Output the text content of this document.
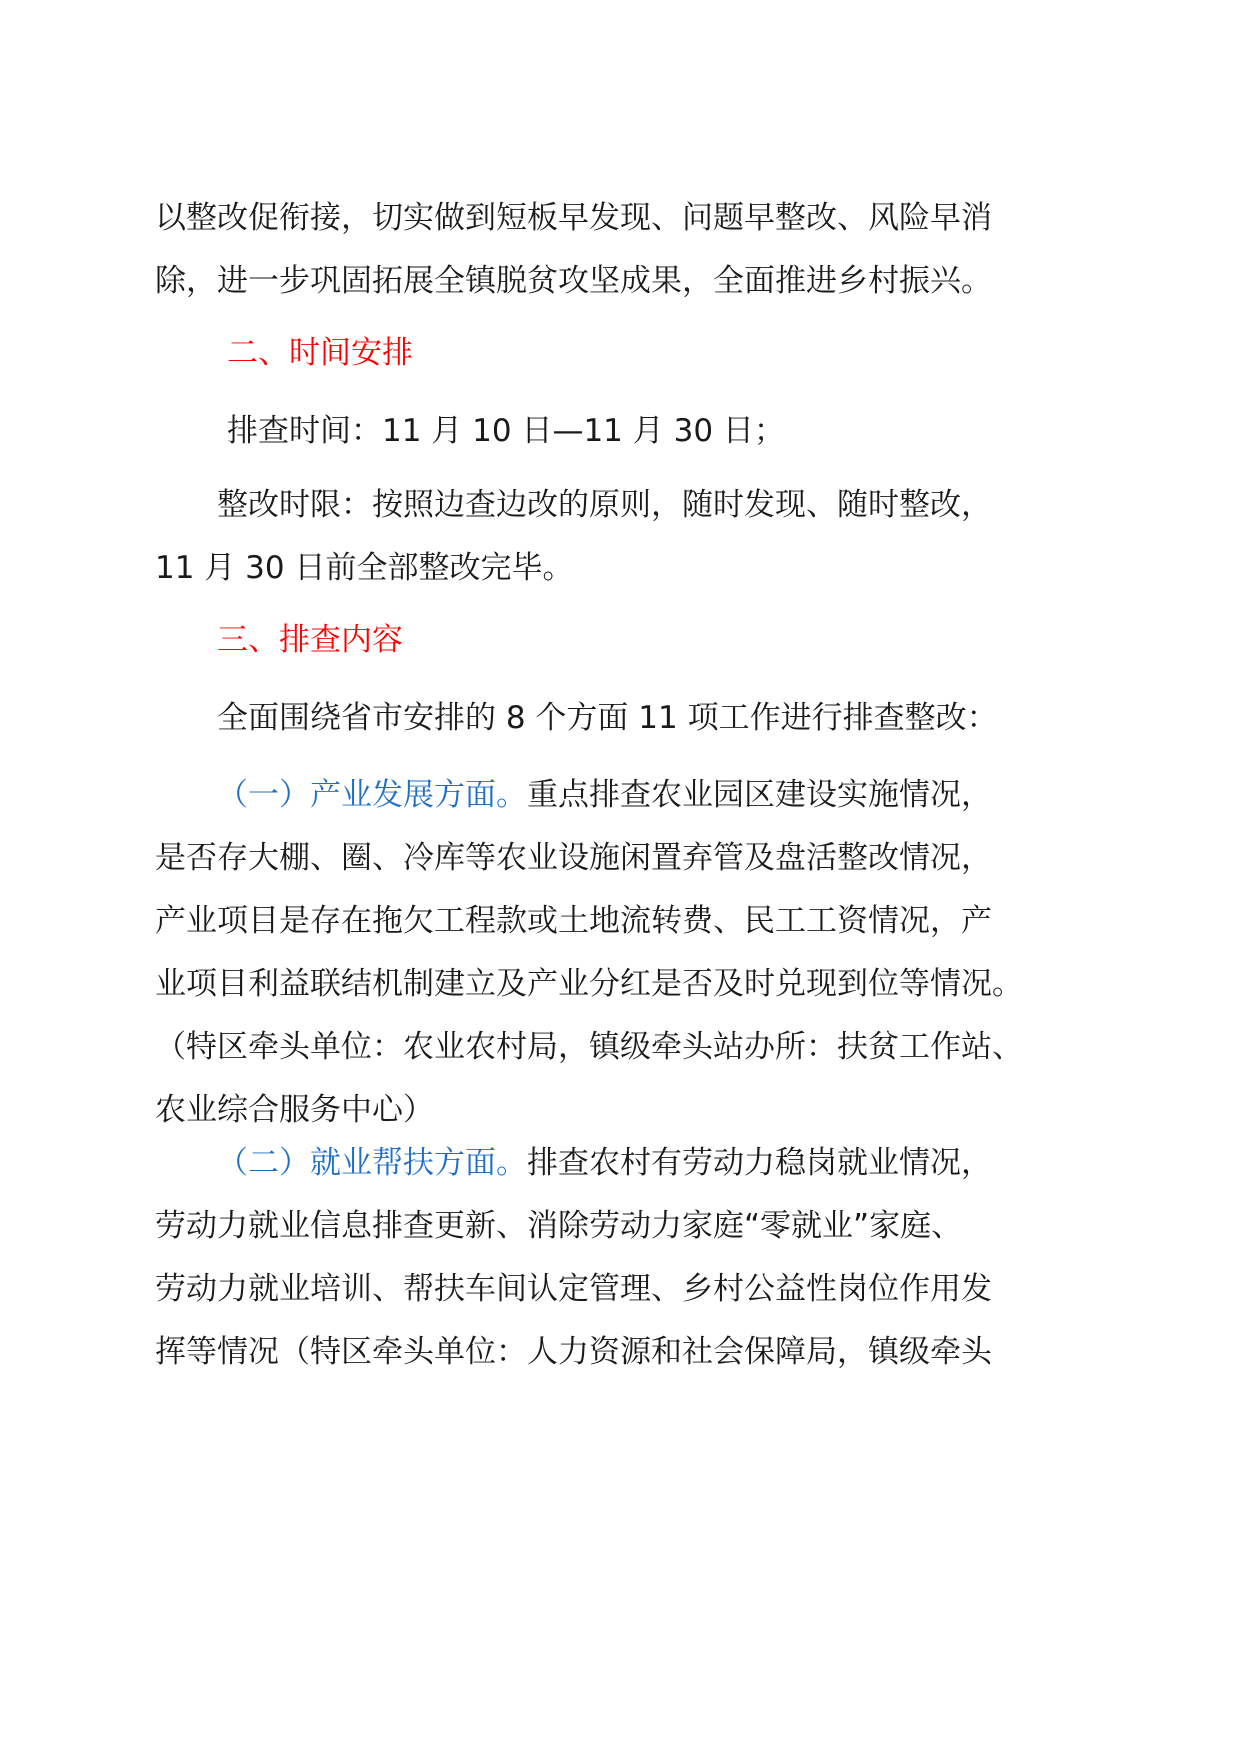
以整改促衔接，切实做到短板早发现、问题早整改、风险早消
除，进一步巩固拓展全镇脱贫攻坚成果，全面推进乡村振兴。
二、时间安排
排查时间：11 月 10 日—11 月 30 日；
整改时限：按照边查边改的原则，随时发现、随时整改，
11 月 30 日前全部整改完毕。
三、排查内容
全面围绕省市安排的 8 个方面 11 项工作进行排查整改：
（一）产业发展方面。重点排查农业园区建设实施情况，
是否存大棚、圈、冷库等农业设施闲置弃管及盘活整改情况，
产业项目是存在拖欠工程款或土地流转费、民工工资情况，产
业项目利益联结机制建立及产业分红是否及时兑现到位等情况。
（特区牵头单位：农业农村局，镇级牵头站办所：扶贫工作站、
农业综合服务中心）
（二）就业帮扶方面。排查农村有劳动力稳岗就业情况，
劳动力就业信息排查更新、消除劳动力家庭“零就业”家庭、
劳动力就业培训、帮扶车间认定管理、乡村公益性岗位作用发
挥等情况（特区牵头单位：人力资源和社会保障局，镇级牵头
